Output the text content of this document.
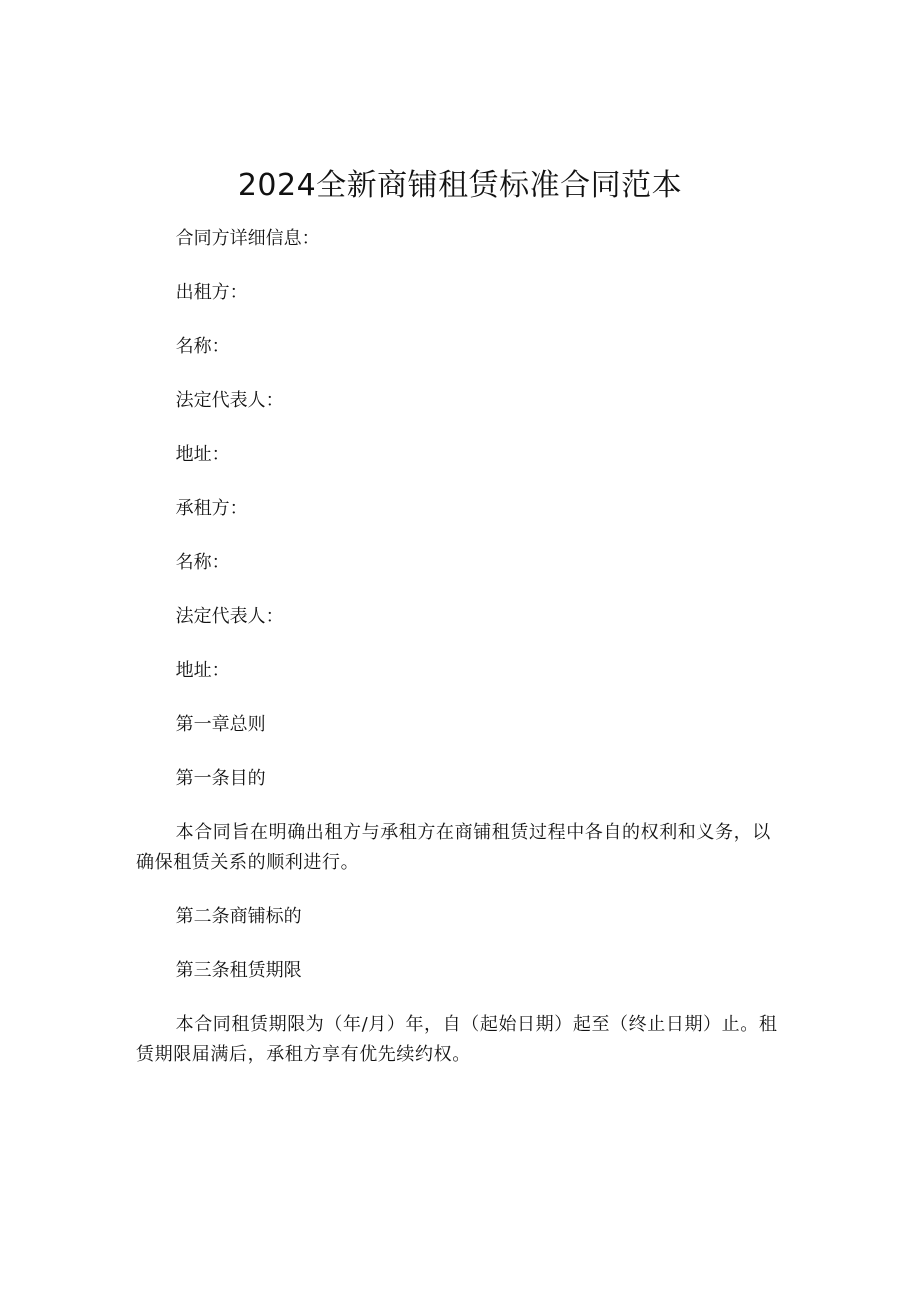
2024全新商铺租赁标准合同范本

合同方详细信息：

出租方：

名称：

法定代表人：

地址：

承租方：

名称：

法定代表人：

地址：

第一章总则

第一条目的

本合同旨在明确出租方与承租方在商铺租赁过程中各自的权利和义务，以确保租赁关系的顺利进行。

第二条商铺标的

第三条租赁期限

本合同租赁期限为（年/月）年，自（起始日期）起至（终止日期）止。租赁期限届满后，承租方享有优先续约权。
